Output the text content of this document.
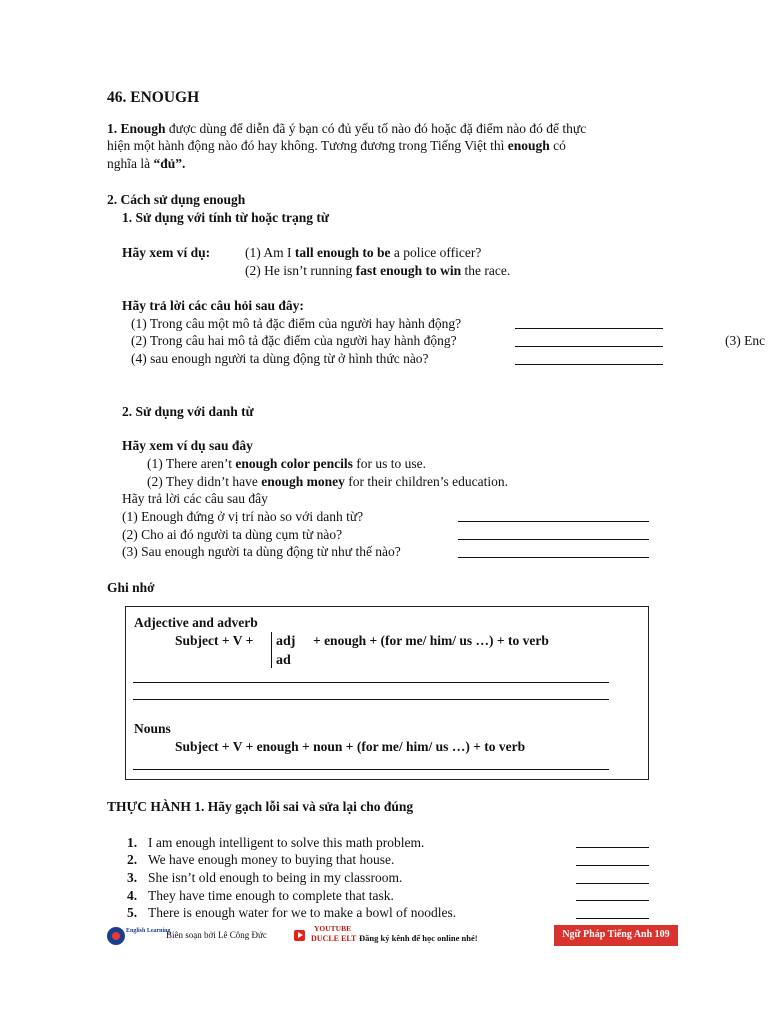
46. ENOUGH
1. Enough được dùng để diễn đã ý bạn có đủ yếu tố nào đó hoặc đặ điểm nào đó để thực
hiện một hành động nào đó hay không. Tương đương trong Tiếng Việt thì enough có
nghĩa là “đủ”.
2. Cách sử dụng enough
1. Sử dụng với tính từ hoặc trạng từ
Hãy xem ví dụ:	(1) Am I tall enough to be a police officer?
(2) He isn’t running fast enough to win the race.
Hãy trả lời các câu hỏi sau đây:
(1) Trong câu một mô tả đặc điểm của người hay hành động?
(2) Trong câu hai mô tả đặc điểm của người hay hành động?	(3) Enc
(4) sau enough người ta dùng động từ ở hình thức nào?
2. Sử dụng với danh từ
Hãy xem ví dụ sau đây
(1) There aren’t enough color pencils for us to use.
(2) They didn’t have enough money for their children’s education.
Hãy trả lời các câu sau đây
(1) Enough đứng ở vị trí nào so với danh từ?
(2) Cho ai đó người ta dùng cụm từ nào?
(3) Sau enough người ta dùng động từ như thế nào?
Ghi nhớ
Adjective and adverb
Subject + V + adj
ad
+ enough + (for me/ him/ us …) + to verb
Nouns
Subject + V + enough + noun + (for me/ him/ us …) + to verb
THỰC HÀNH 1. Hãy gạch lỗi sai và sửa lại cho đúng
1. I am enough intelligent to solve this math problem.
2. We have enough money to buying that house.
3. She isn’t old enough to being in my classroom.
4. They have time enough to complete that task.
5. There is enough water for we to make a bowl of noodles.
English Learning
Biên soạn bởi Lê Công Đức
YOUTUBE
DUCLE ELT Đăng ký kênh để học online nhé!	Ngữ Pháp Tiếng Anh 109
